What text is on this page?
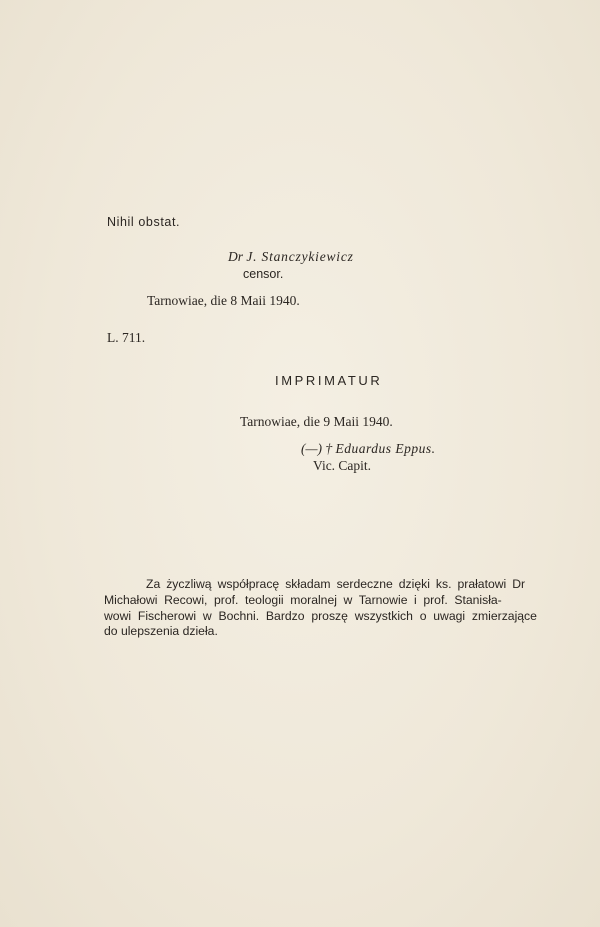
Nihil obstat.
Dr J. Stanczykiewicz
censor.
Tarnowiae, die 8 Maii 1940.
L. 711.
IMPRIMATUR
Tarnowiae, die 9 Maii 1940.
(—) † Eduardus Eppus.
Vic. Capit.

Za życzliwą współpracę składam serdeczne dzięki ks. prałatowi Dr
Michałowi Recowi, prof. teologii moralnej w Tarnowie i prof. Stanisła-
wowi Fischerowi w Bochni. Bardzo proszę wszystkich o uwagi zmierzające
do ulepszenia dzieła.
